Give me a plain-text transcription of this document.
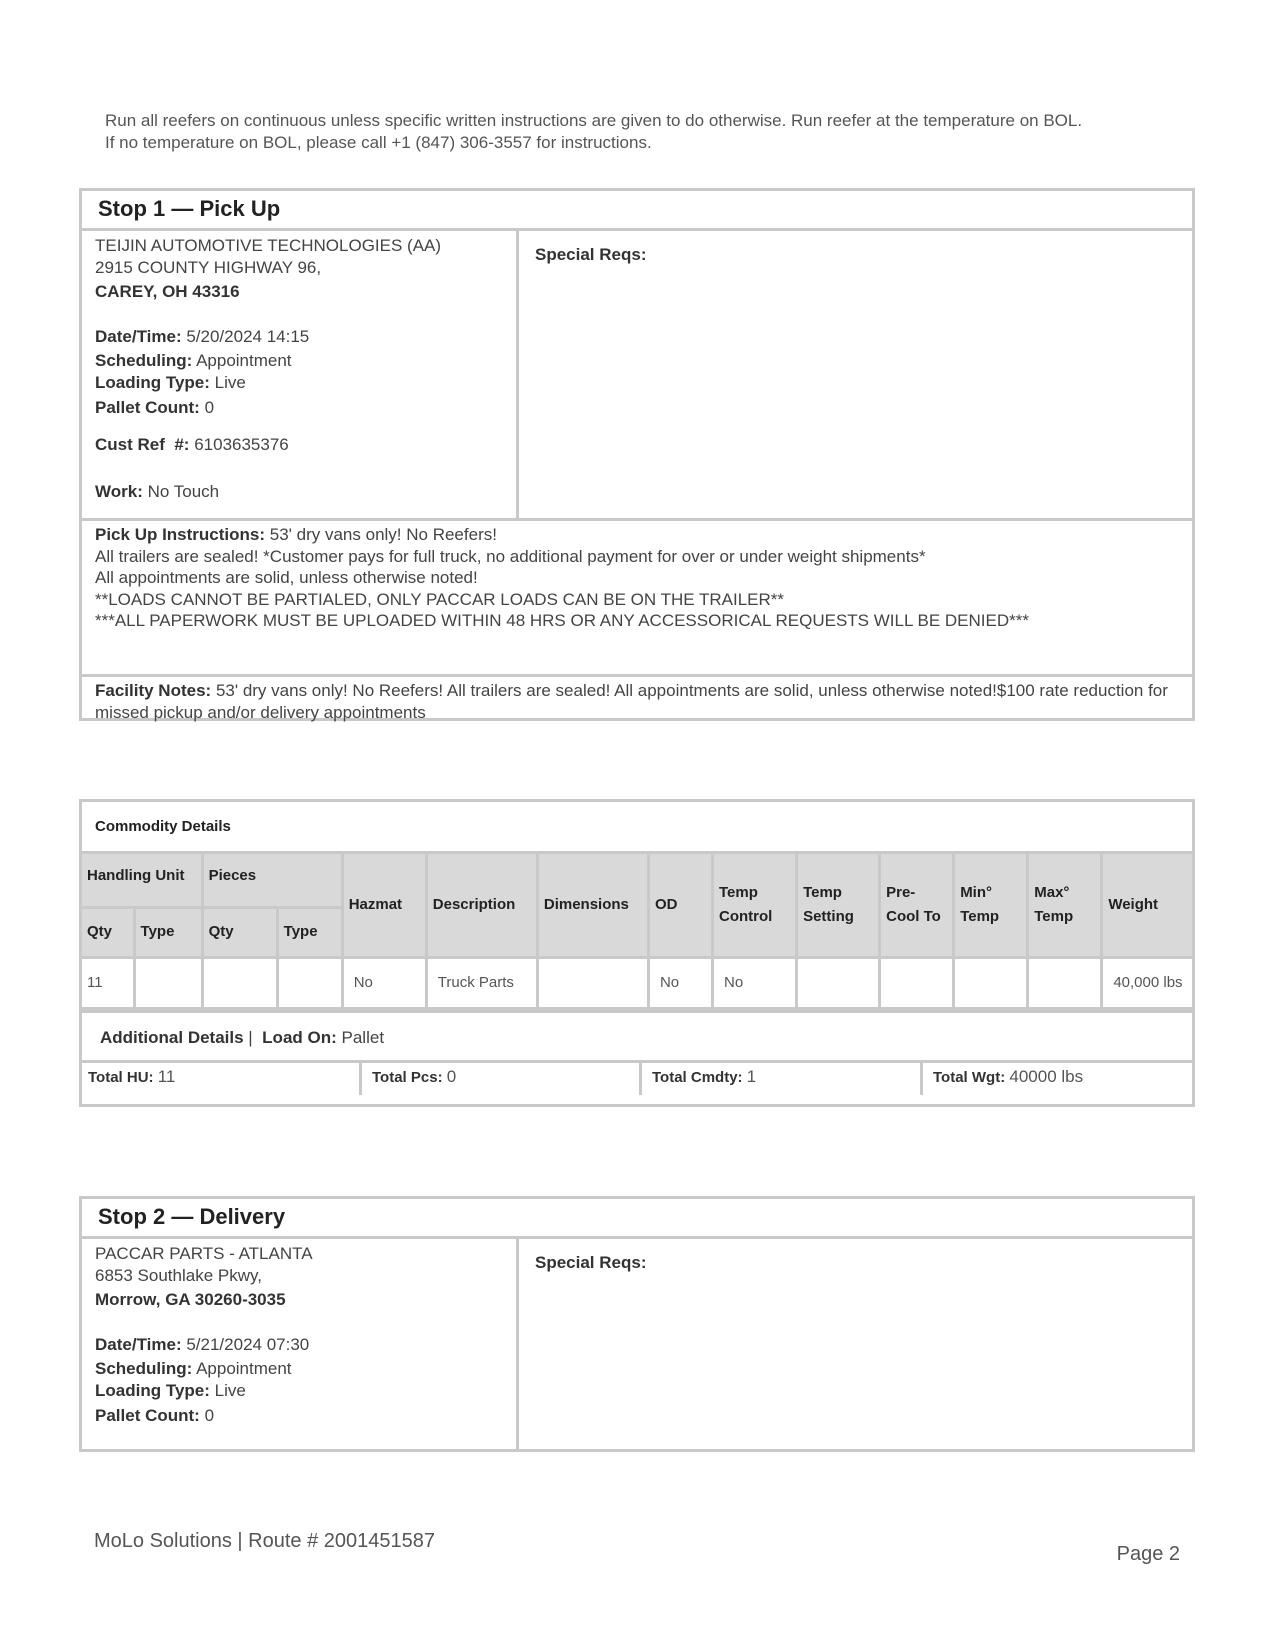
Run all reefers on continuous unless specific written instructions are given to do otherwise. Run reefer at the temperature on BOL.
If no temperature on BOL, please call +1 (847) 306-3557 for instructions.
Stop 1 — Pick Up
TEIJIN AUTOMOTIVE TECHNOLOGIES (AA)
2915 COUNTY HIGHWAY 96,
CAREY, OH 43316
Date/Time: 5/20/2024 14:15
Scheduling: Appointment
Loading Type: Live
Pallet Count: 0
Cust Ref  #: 6103635376
Work: No Touch
Special Reqs:
Pick Up Instructions: 53' dry vans only! No Reefers!
All trailers are sealed! *Customer pays for full truck, no additional payment for over or under weight shipments*
All appointments are solid, unless otherwise noted!
**LOADS CANNOT BE PARTIALED, ONLY PACCAR LOADS CAN BE ON THE TRAILER**
***ALL PAPERWORK MUST BE UPLOADED WITHIN 48 HRS OR ANY ACCESSORICAL REQUESTS WILL BE DENIED***
Facility Notes: 53' dry vans only! No Reefers! All trailers are sealed! All appointments are solid, unless otherwise noted!$100 rate reduction for missed pickup and/or delivery appointments
Commodity Details
Handling Unit		Pieces		Hazmat	Description	Dimensions	OD	Temp Control	Temp Setting	Pre-Cool To	Min° Temp	Max° Temp	Weight
Qty	Type	Qty	Type										
11				No	Truck Parts		No	No					40,000 lbs
Additional Details |  Load On: Pallet
Total HU: 11	Total Pcs: 0	Total Cmdty: 1	Total Wgt: 40000 lbs
Stop 2 — Delivery
PACCAR PARTS - ATLANTA
6853 Southlake Pkwy,
Morrow, GA 30260-3035
Date/Time: 5/21/2024 07:30
Scheduling: Appointment
Loading Type: Live
Pallet Count: 0
Special Reqs:
MoLo Solutions | Route # 2001451587
Page 2
